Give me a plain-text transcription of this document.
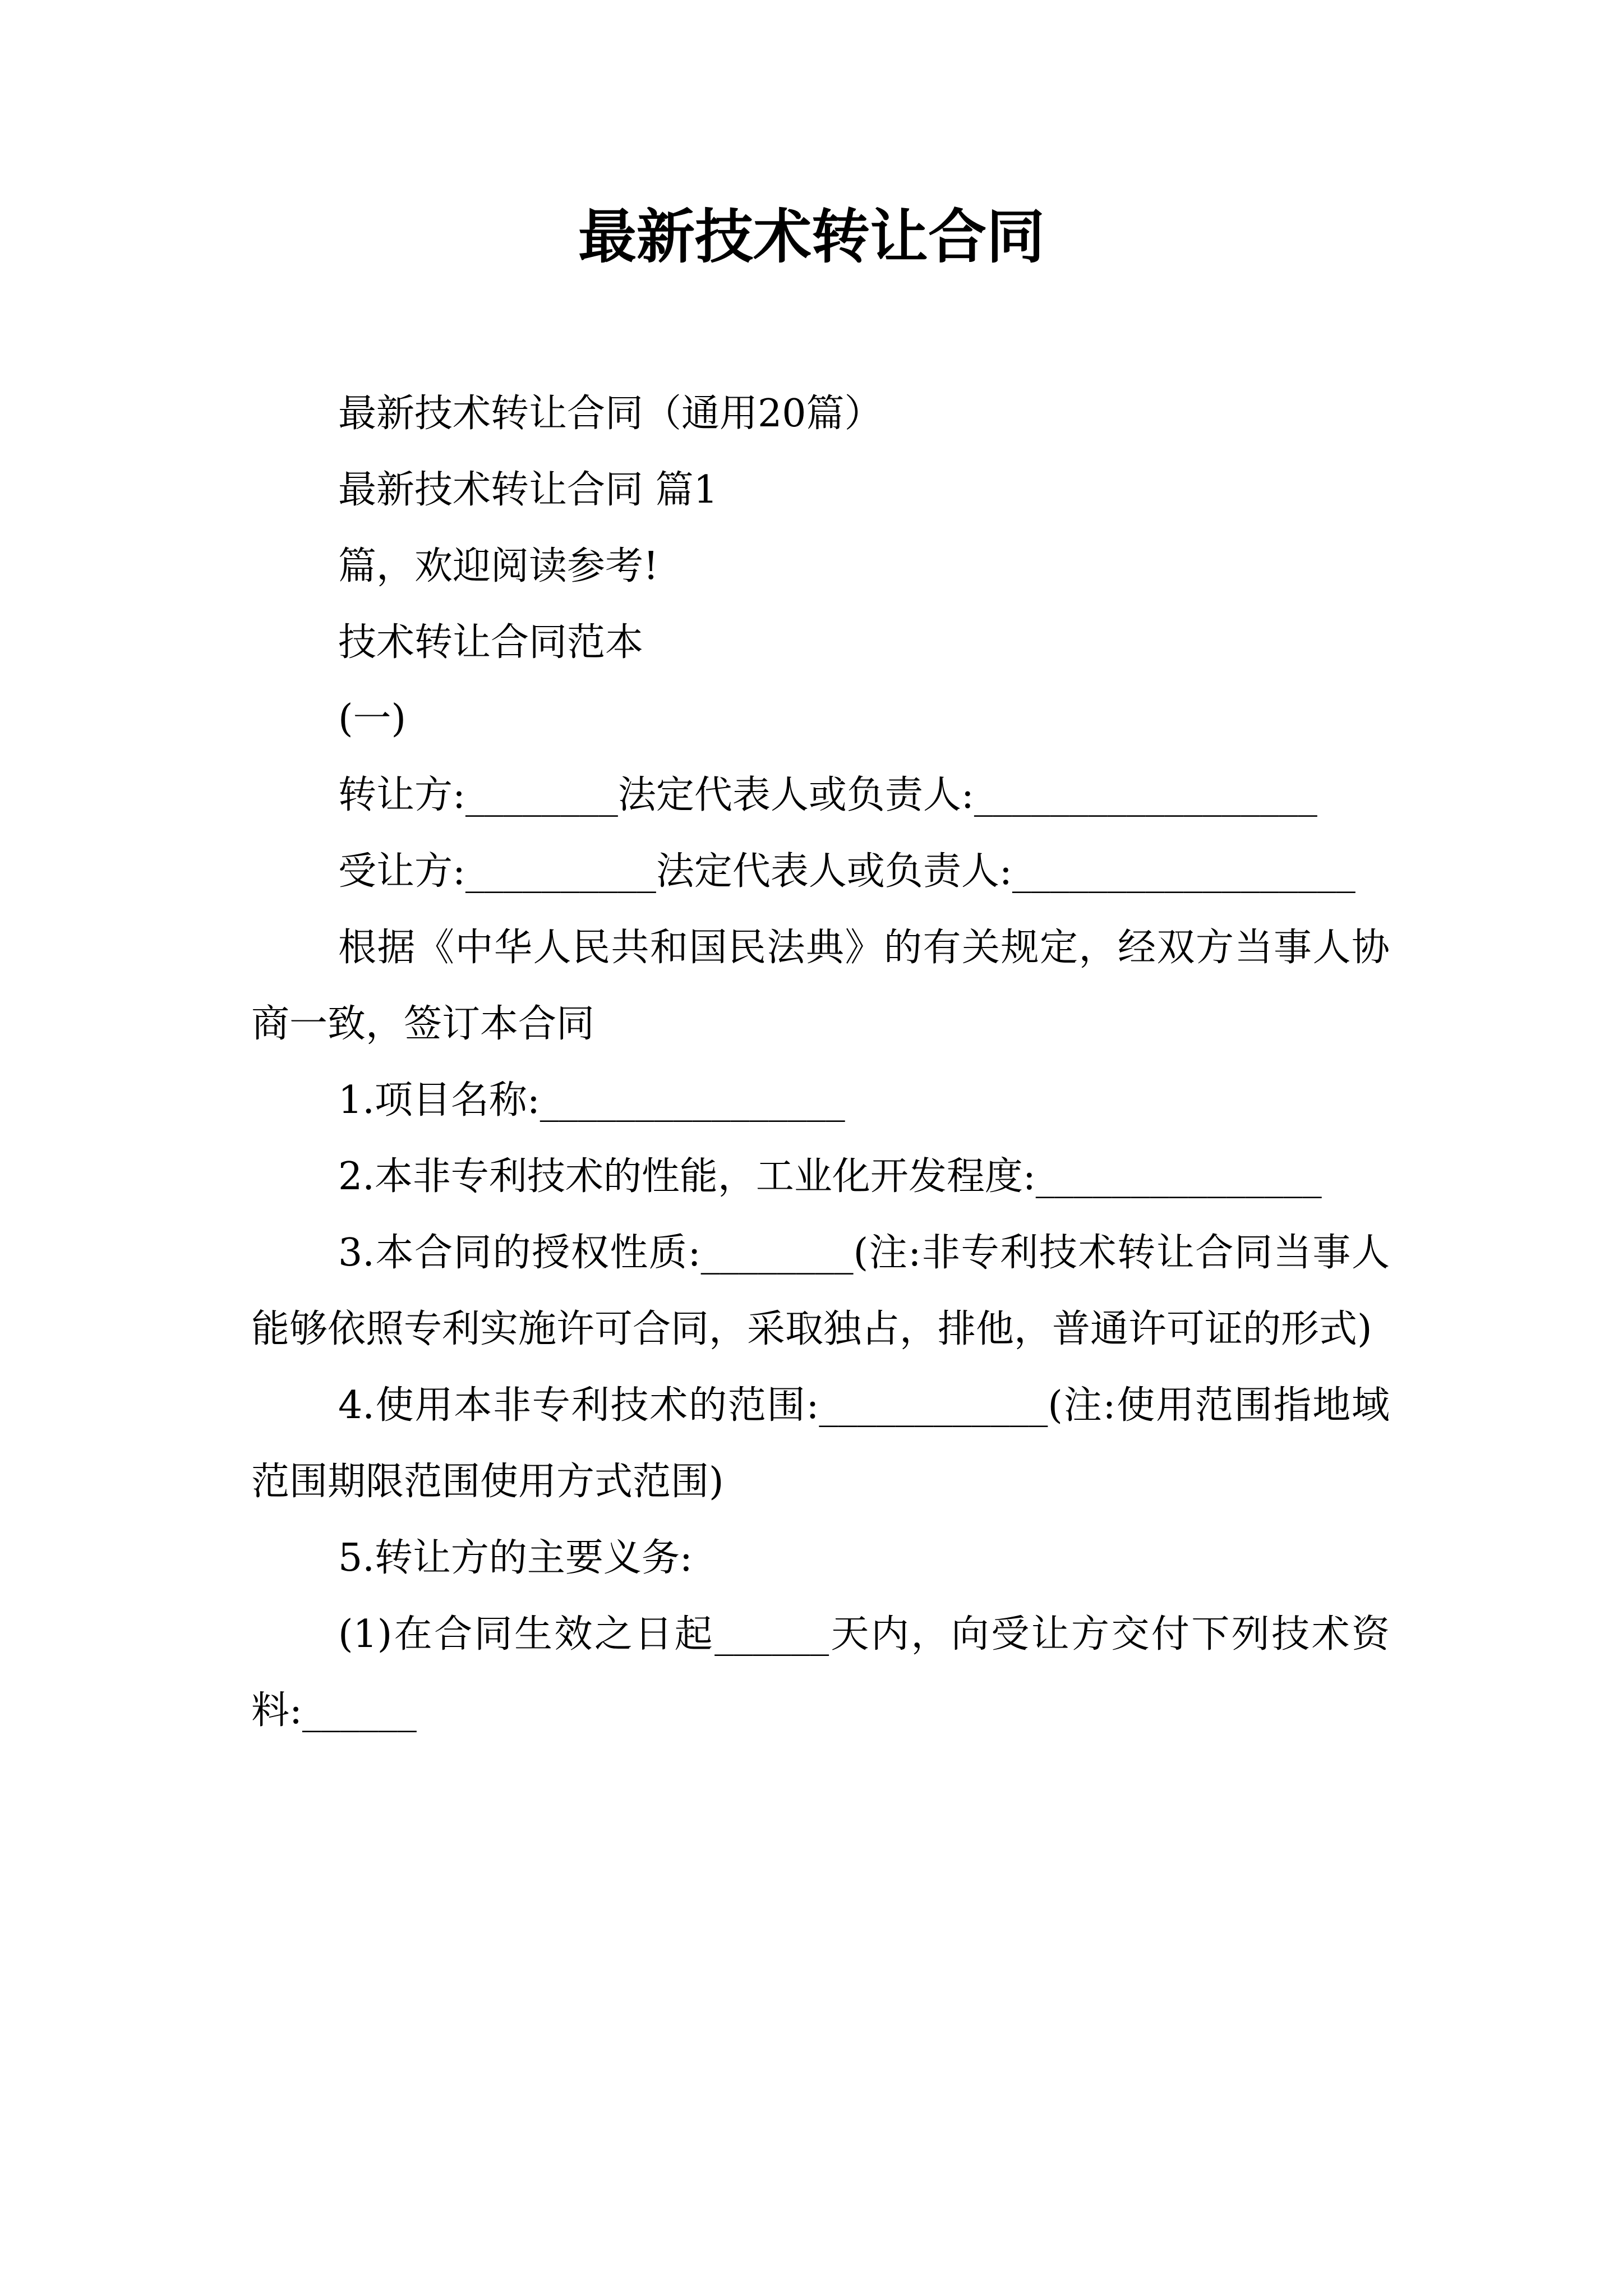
最新技术转让合同

最新技术转让合同（通用20篇）

最新技术转让合同 篇1

篇，欢迎阅读参考!

技术转让合同范本

(一)

转让方:________法定代表人或负责人:__________________

受让方:__________法定代表人或负责人:__________________

根据《中华人民共和国民法典》的有关规定，经双方当事人协商一致，签订本合同

1.项目名称:________________

2.本非专利技术的性能，工业化开发程度:_______________

3.本合同的授权性质:________(注:非专利技术转让合同当事人能够依照专利实施许可合同，采取独占，排他，普通许可证的形式)

4.使用本非专利技术的范围:____________(注:使用范围指地域范围期限范围使用方式范围)

5.转让方的主要义务:

(1)在合同生效之日起______天内，向受让方交付下列技术资料:______
